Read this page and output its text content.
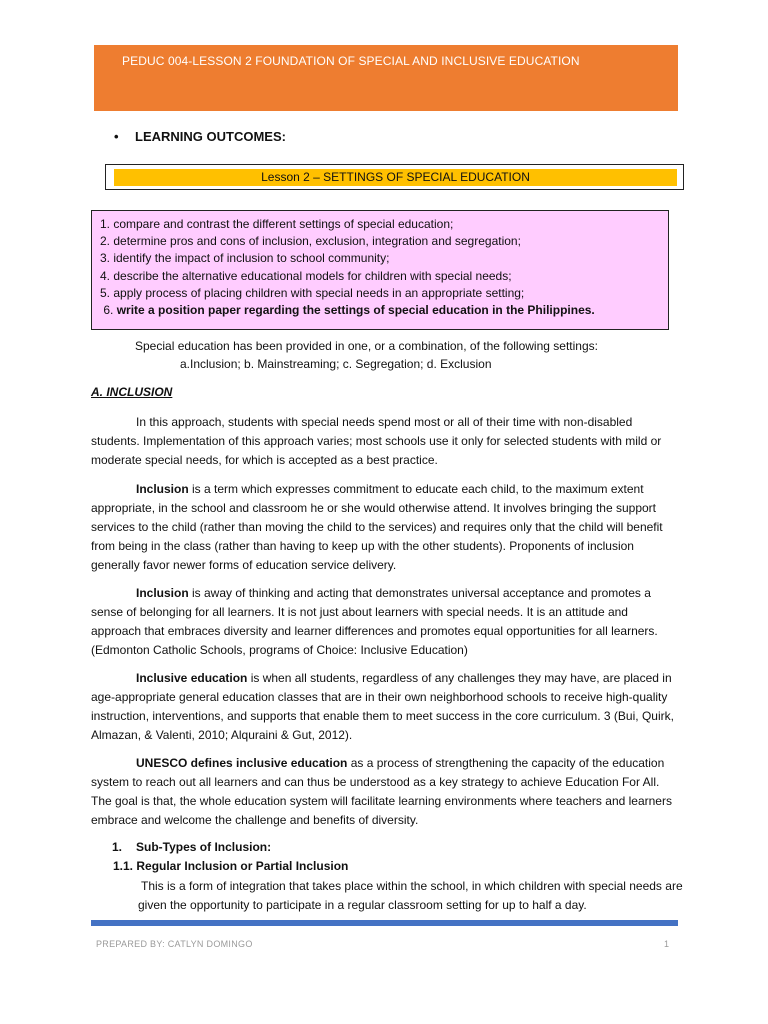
PEDUC 004-LESSON 2 FOUNDATION OF SPECIAL AND INCLUSIVE EDUCATION
• LEARNING OUTCOMES:
Lesson 2 – SETTINGS OF SPECIAL EDUCATION
1. compare and contrast the different settings of special education;
2. determine pros and cons of inclusion, exclusion, integration and segregation;
3. identify the impact of inclusion to school community;
4. describe the alternative educational models for children with special needs;
5. apply process of placing children with special needs in an appropriate setting;
6. write a position paper regarding the settings of special education in the Philippines.

Special education has been provided in one, or a combination, of the following settings:

a.Inclusion; b. Mainstreaming; c. Segregation; d. Exclusion

A. INCLUSION

In this approach, students with special needs spend most or all of their time with non-disabled students. Implementation of this approach varies; most schools use it only for selected students with mild or moderate special needs, for which is accepted as a best practice.

Inclusion is a term which expresses commitment to educate each child, to the maximum extent appropriate, in the school and classroom he or she would otherwise attend. It involves bringing the support services to the child (rather than moving the child to the services) and requires only that the child will benefit from being in the class (rather than having to keep up with the other students). Proponents of inclusion generally favor newer forms of education service delivery.

Inclusion is away of thinking and acting that demonstrates universal acceptance and promotes a sense of belonging for all learners. It is not just about learners with special needs. It is an attitude and approach that embraces diversity and learner differences and promotes equal opportunities for all learners.(Edmonton Catholic Schools, programs of Choice: Inclusive Education)

Inclusive education is when all students, regardless of any challenges they may have, are placed in age-appropriate general education classes that are in their own neighborhood schools to receive high-quality instruction, interventions, and supports that enable them to meet success in the core curriculum. 3 (Bui, Quirk, Almazan, & Valenti, 2010; Alquraini & Gut, 2012).

UNESCO defines inclusive education as a process of strengthening the capacity of the education system to reach out all learners and can thus be understood as a key strategy to achieve Education For All. The goal is that, the whole education system will facilitate learning environments where teachers and learners embrace and welcome the challenge and benefits of diversity.

1. Sub-Types of Inclusion:
1.1. Regular Inclusion or Partial Inclusion

This is a form of integration that takes place within the school, in which children with special needs are given the opportunity to participate in a regular classroom setting for up to half a day.

PREPARED BY: CATLYN DOMINGO	1
